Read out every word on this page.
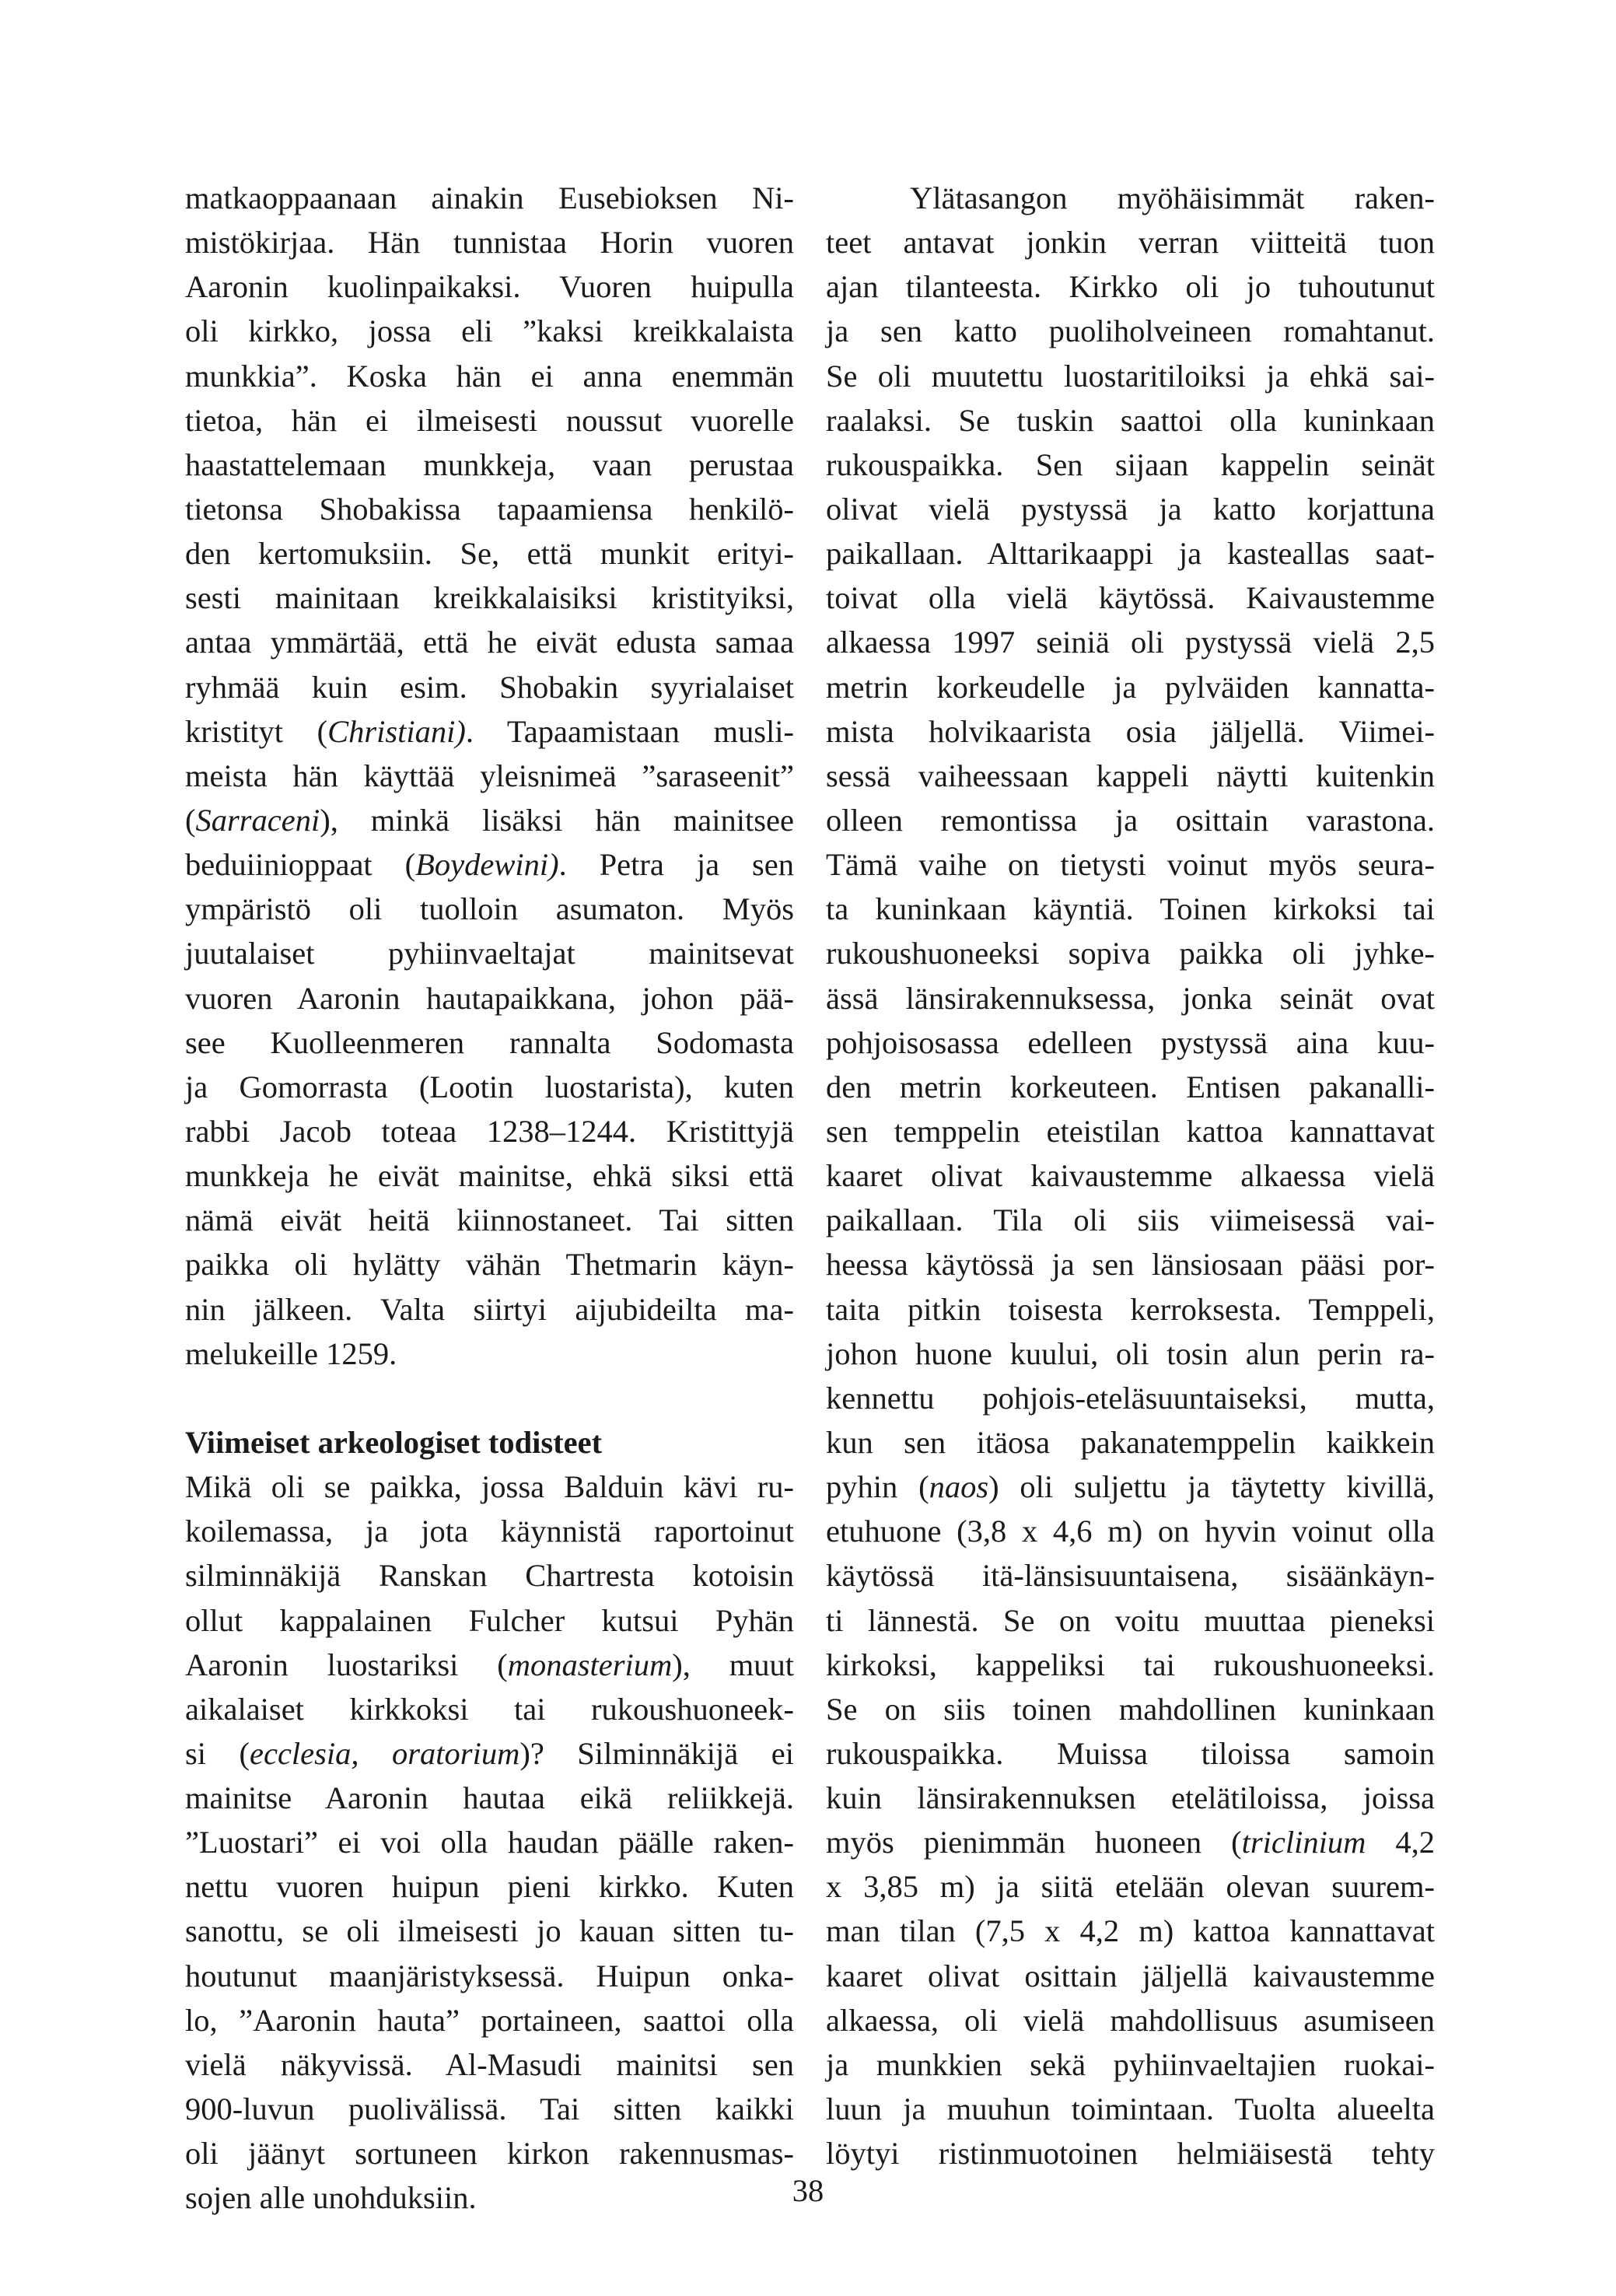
matkaoppaanaan ainakin Eusebioksen Ni-
mistökirjaa. Hän tunnistaa Horin vuoren
Aaronin kuolinpaikaksi. Vuoren huipulla
oli kirkko, jossa eli ”kaksi kreikkalaista
munkkia”. Koska hän ei anna enemmän
tietoa, hän ei ilmeisesti noussut vuorelle
haastattelemaan munkkeja, vaan perustaa
tietonsa Shobakissa tapaamiensa henkilö-
den kertomuksiin. Se, että munkit erityi-
sesti mainitaan kreikkalaisiksi kristityiksi,
antaa ymmärtää, että he eivät edusta samaa
ryhmää kuin esim. Shobakin syyrialaiset
kristityt (Christiani). Tapaamistaan musli-
meista hän käyttää yleisnimeä ”saraseenit”
(Sarraceni), minkä lisäksi hän mainitsee
beduiinioppaat (Boydewini). Petra ja sen
ympäristö oli tuolloin asumaton. Myös
juutalaiset pyhiinvaeltajat mainitsevat
vuoren Aaronin hautapaikkana, johon pää-
see Kuolleenmeren rannalta Sodomasta
ja Gomorrasta (Lootin luostarista), kuten
rabbi Jacob toteaa 1238–1244. Kristittyjä
munkkeja he eivät mainitse, ehkä siksi että
nämä eivät heitä kiinnostaneet. Tai sitten
paikka oli hylätty vähän Thetmarin käyn-
nin jälkeen. Valta siirtyi aijubideilta ma-
melukeille 1259.
Viimeiset arkeologiset todisteet
Mikä oli se paikka, jossa Balduin kävi ru-
koilemassa, ja jota käynnistä raportoinut
silminnäkijä Ranskan Chartresta kotoisin
ollut kappalainen Fulcher kutsui Pyhän
Aaronin luostariksi (monasterium), muut
aikalaiset kirkkoksi tai rukoushuoneek-
si (ecclesia, oratorium)? Silminnäkijä ei
mainitse Aaronin hautaa eikä reliikkejä.
”Luostari” ei voi olla haudan päälle raken-
nettu vuoren huipun pieni kirkko. Kuten
sanottu, se oli ilmeisesti jo kauan sitten tu-
houtunut maanjäristyksessä. Huipun onka-
lo, ”Aaronin hauta” portaineen, saattoi olla
vielä näkyvissä. Al-Masudi mainitsi sen
900-luvun puolivälissä. Tai sitten kaikki
oli jäänyt sortuneen kirkon rakennusmas-
sojen alle unohduksiin.
Ylätasangon myöhäisimmät raken-
teet antavat jonkin verran viitteitä tuon
ajan tilanteesta. Kirkko oli jo tuhoutunut
ja sen katto puoliholveineen romahtanut.
Se oli muutettu luostaritiloiksi ja ehkä sai-
raalaksi. Se tuskin saattoi olla kuninkaan
rukouspaikka. Sen sijaan kappelin seinät
olivat vielä pystyssä ja katto korjattuna
paikallaan. Alttarikaappi ja kasteallas saat-
toivat olla vielä käytössä. Kaivaustemme
alkaessa 1997 seiniä oli pystyssä vielä 2,5
metrin korkeudelle ja pylväiden kannatta-
mista holvikaarista osia jäljellä. Viimei-
sessä vaiheessaan kappeli näytti kuitenkin
olleen remontissa ja osittain varastona.
Tämä vaihe on tietysti voinut myös seura-
ta kuninkaan käyntiä. Toinen kirkoksi tai
rukoushuoneeksi sopiva paikka oli jyhke-
ässä länsirakennuksessa, jonka seinät ovat
pohjoisosassa edelleen pystyssä aina kuu-
den metrin korkeuteen. Entisen pakanalli-
sen temppelin eteistilan kattoa kannattavat
kaaret olivat kaivaustemme alkaessa vielä
paikallaan. Tila oli siis viimeisessä vai-
heessa käytössä ja sen länsiosaan pääsi por-
taita pitkin toisesta kerroksesta. Temppeli,
johon huone kuului, oli tosin alun perin ra-
kennettu pohjois-eteläsuuntaiseksi, mutta,
kun sen itäosa pakanatemppelin kaikkein
pyhin (naos) oli suljettu ja täytetty kivillä,
etuhuone (3,8 x 4,6 m) on hyvin voinut olla
käytössä itä-länsisuuntaisena, sisäänkäyn-
ti lännestä. Se on voitu muuttaa pieneksi
kirkoksi, kappeliksi tai rukoushuoneeksi.
Se on siis toinen mahdollinen kuninkaan
rukouspaikka. Muissa tiloissa samoin
kuin länsirakennuksen etelätiloissa, joissa
myös pienimmän huoneen (triclinium 4,2
x 3,85 m) ja siitä etelään olevan suurem-
man tilan (7,5 x 4,2 m) kattoa kannattavat
kaaret olivat osittain jäljellä kaivaustemme
alkaessa, oli vielä mahdollisuus asumiseen
ja munkkien sekä pyhiinvaeltajien ruokai-
luun ja muuhun toimintaan. Tuolta alueelta
löytyi ristinmuotoinen helmiäisestä tehty
38
